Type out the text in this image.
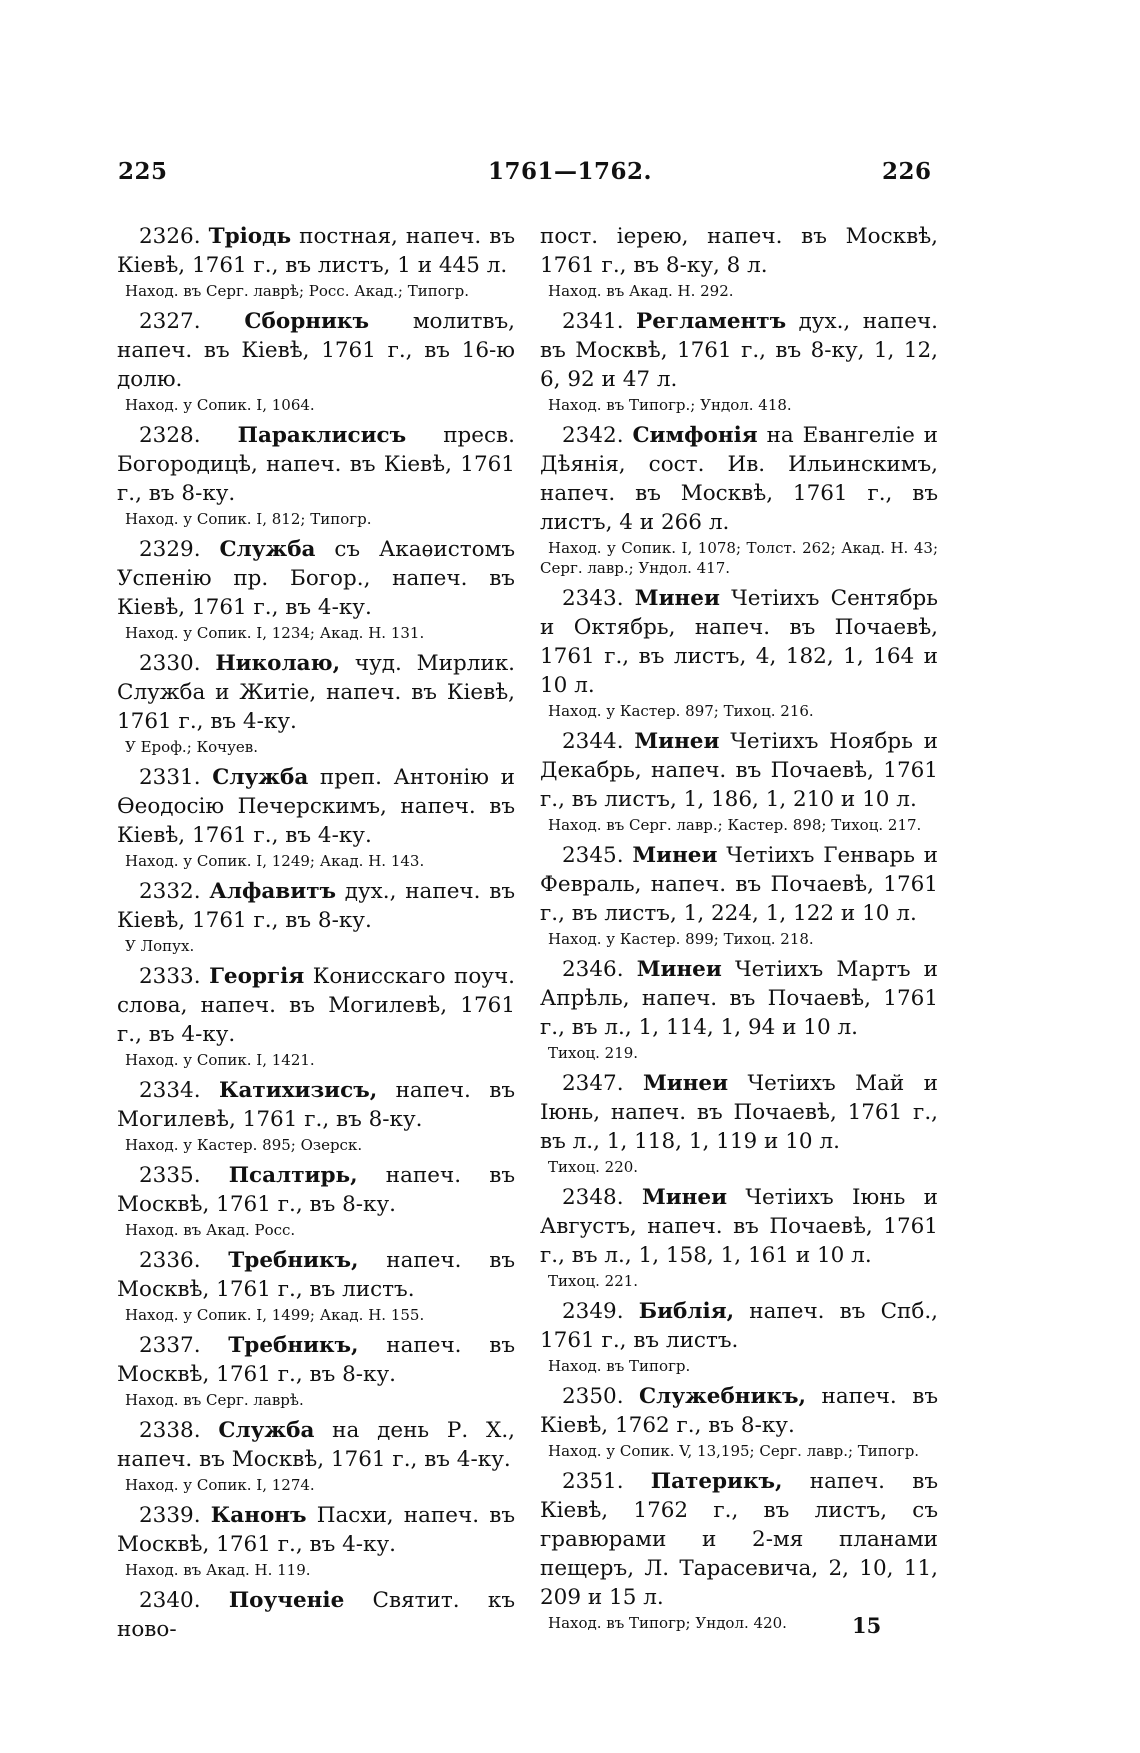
225	1761—1762.	226
2326. Тріодь постная, напеч. въ Кіевѣ, 1761 г., въ листъ, 1 и 445 л.
Наход. въ Серг. лаврѣ; Росс. Акад.; Типогр.
2327. Сборникъ молитвъ, напеч. въ Кіевѣ, 1761 г., въ 16-ю долю.
Наход. у Сопик. I, 1064.
2328. Параклисисъ пресв. Богородицѣ, напеч. въ Кіевѣ, 1761 г., въ 8-ку.
Наход. у Сопик. I, 812; Типогр.
2329. Служба съ Акаѳистомъ Успенію пр. Богор., напеч. въ Кіевѣ, 1761 г., въ 4-ку.
Наход. у Сопик. I, 1234; Акад. Н. 131.
2330. Николаю, чуд. Мирлик. Служба и Житіе, напеч. въ Кіевѣ, 1761 г., въ 4-ку.
У Ероф.; Кочуев.
2331. Служба преп. Антонію и Ѳеодосію Печерскимъ, напеч. въ Кіевѣ, 1761 г., въ 4-ку.
Наход. у Сопик. I, 1249; Акад. Н. 143.
2332. Алфавитъ дух., напеч. въ Кіевѣ, 1761 г., въ 8-ку.
У Лопух.
2333. Георгія Кониcскаго поуч. слова, напеч. въ Могилевѣ, 1761 г., въ 4-ку.
Наход. у Сопик. I, 1421.
2334. Катихизисъ, напеч. въ Могилевѣ, 1761 г., въ 8-ку.
Наход. у Кастер. 895; Озерск.
2335. Псалтирь, напеч. въ Москвѣ, 1761 г., въ 8-ку.
Наход. въ Акад. Росс.
2336. Требникъ, напеч. въ Москвѣ, 1761 г., въ листъ.
Наход. у Сопик. I, 1499; Акад. Н. 155.
2337. Требникъ, напеч. въ Москвѣ, 1761 г., въ 8-ку.
Наход. въ Серг. лаврѣ.
2338. Служба на день Р. Х., напеч. въ Москвѣ, 1761 г., въ 4-ку.
Наход. у Сопик. I, 1274.
2339. Канонъ Пасхи, напеч. въ Москвѣ, 1761 г., въ 4-ку.
Наход. въ Акад. Н. 119.
2340. Поученіе Святит. къ ново-
пост. іерею, напеч. въ Москвѣ, 1761 г., въ 8-ку, 8 л.
Наход. въ Акад. Н. 292.
2341. Регламентъ дух., напеч. въ Москвѣ, 1761 г., въ 8-ку, 1, 12, 6, 92 и 47 л.
Наход. въ Типогр.; Ундол. 418.
2342. Симфонія на Евангеліе и Дѣянія, сост. Ив. Ильинскимъ, напеч. въ Москвѣ, 1761 г., въ листъ, 4 и 266 л.
Наход. у Сопик. I, 1078; Толст. 262; Акад. Н. 43; Серг. лавр.; Ундол. 417.
2343. Минеи Четіихъ Сентябрь и Октябрь, напеч. въ Почаевѣ, 1761 г., въ листъ, 4, 182, 1, 164 и 10 л.
Наход. у Кастер. 897; Тихоц. 216.
2344. Минеи Четіихъ Ноябрь и Декабрь, напеч. въ Почаевѣ, 1761 г., въ листъ, 1, 186, 1, 210 и 10 л.
Наход. въ Серг. лавр.; Кастер. 898; Тихоц. 217.
2345. Минеи Четіихъ Генварь и Февраль, напеч. въ Почаевѣ, 1761 г., въ листъ, 1, 224, 1, 122 и 10 л.
Наход. у Кастер. 899; Тихоц. 218.
2346. Минеи Четіихъ Мартъ и Апрѣль, напеч. въ Почаевѣ, 1761 г., въ л., 1, 114, 1, 94 и 10 л.
Тихоц. 219.
2347. Минеи Четіихъ Май и Іюнь, напеч. въ Почаевѣ, 1761 г., въ л., 1, 118, 1, 119 и 10 л.
Тихоц. 220.
2348. Минеи Четіихъ Іюнь и Августъ, напеч. въ Почаевѣ, 1761 г., въ л., 1, 158, 1, 161 и 10 л.
Тихоц. 221.
2349. Библія, напеч. въ Спб., 1761 г., въ листъ.
Наход. въ Типогр.
2350. Служебникъ, напеч. въ Кіевѣ, 1762 г., въ 8-ку.
Наход. у Сопик. V, 13,195; Серг. лавр.; Типогр.
2351. Патерикъ, напеч. въ Кіевѣ, 1762 г., въ листъ, съ гравюрами и 2-мя планами пещеръ, Л. Тарасевича, 2, 10, 11, 209 и 15 л.
Наход. въ Типогр; Ундол. 420.	15
